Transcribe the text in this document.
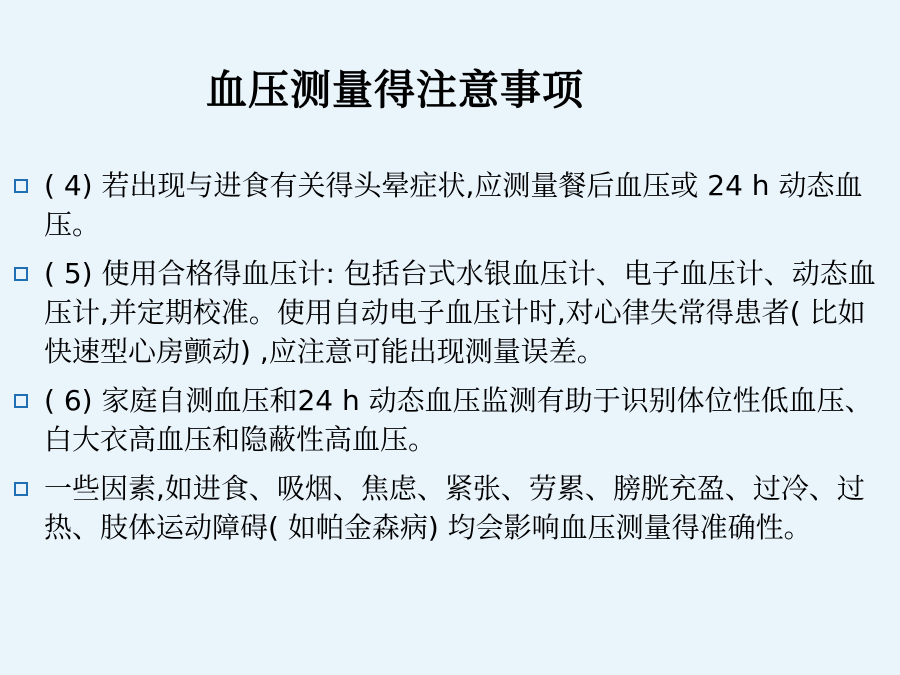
血压测量得注意事项
( 4) 若出现与进食有关得头晕症状,应测量餐后血压或 24 h 动态血压。
( 5) 使用合格得血压计: 包括台式水银血压计、电子血压计、动态血压计,并定期校准。使用自动电子血压计时,对心律失常得患者( 比如快速型心房颤动) ,应注意可能出现测量误差。
( 6) 家庭自测血压和24 h 动态血压监测有助于识别体位性低血压、白大衣高血压和隐蔽性高血压。
一些因素,如进食、吸烟、焦虑、紧张、劳累、膀胱充盈、过冷、过热、肢体运动障碍( 如帕金森病) 均会影响血压测量得准确性。
